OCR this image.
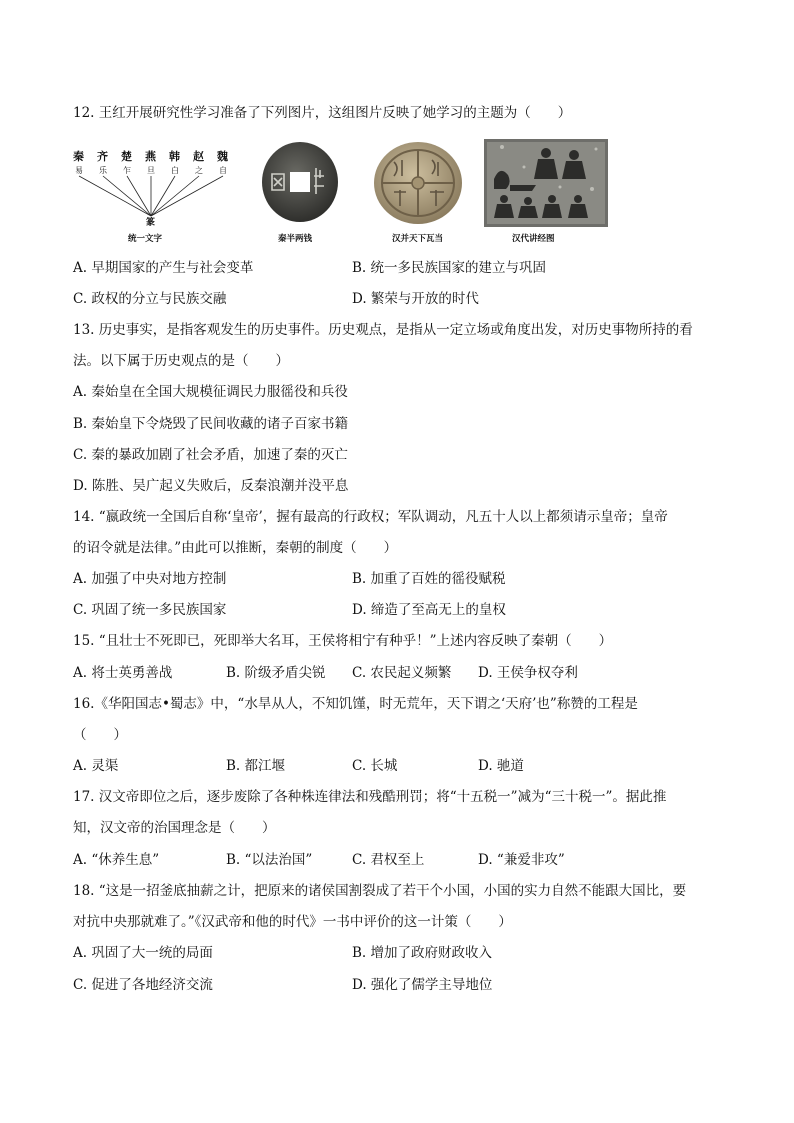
12. 王红开展研究性学习准备了下列图片，这组图片反映了她学习的主题为（　　）
秦 齐 楚 燕 韩 赵 魏
易 乐 乍 旦 白 之 自
篆
统一文字	秦半两钱	汉并天下瓦当	汉代讲经图
A. 早期国家的产生与社会变革	B. 统一多民族国家的建立与巩固
C. 政权的分立与民族交融	D. 繁荣与开放的时代
13. 历史事实，是指客观发生的历史事件。历史观点，是指从一定立场或角度出发，对历史事物所持的看
法。以下属于历史观点的是（　　）
A. 秦始皇在全国大规模征调民力服徭役和兵役
B. 秦始皇下令烧毁了民间收藏的诸子百家书籍
C. 秦的暴政加剧了社会矛盾，加速了秦的灭亡
D. 陈胜、吴广起义失败后，反秦浪潮并没平息
14. “嬴政统一全国后自称‘皇帝’，握有最高的行政权；军队调动，凡五十人以上都须请示皇帝；皇帝
的诏令就是法律。”由此可以推断，秦朝的制度（　　）
A. 加强了中央对地方控制	B. 加重了百姓的徭役赋税
C. 巩固了统一多民族国家	D. 缔造了至高无上的皇权
15. “且壮士不死即已，死即举大名耳，王侯将相宁有种乎！”上述内容反映了秦朝（　　）
A. 将士英勇善战	B. 阶级矛盾尖锐 C. 农民起义频繁 D. 王侯争权夺利
16.《华阳国志•蜀志》中，“水旱从人，不知饥馑，时无荒年，天下谓之‘天府’也”称赞的工程是
（　　）
A. 灵渠	B. 都江堰	C. 长城	D. 驰道
17. 汉文帝即位之后，逐步废除了各种株连律法和残酷刑罚；将“十五税一”减为“三十税一”。据此推
知，汉文帝的治国理念是（　　）
A. “休养生息”	B. “以法治国”	C. 君权至上	D. “兼爱非攻”
18. “这是一招釜底抽薪之计，把原来的诸侯国割裂成了若干个小国，小国的实力自然不能跟大国比，要
对抗中央那就难了。”《汉武帝和他的时代》一书中评价的这一计策（　　）
A. 巩固了大一统的局面	B. 增加了政府财政收入
C. 促进了各地经济交流	D. 强化了儒学主导地位
